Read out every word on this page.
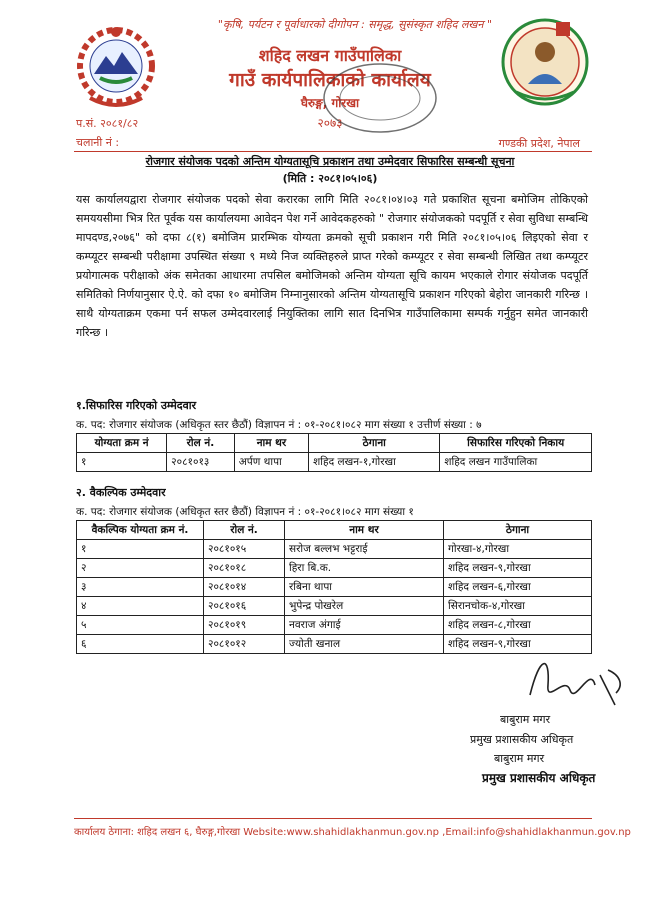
"कृषि, पर्यटन र पूर्वाधारको दीगोपन : समृद्ध, सुसंस्कृत शहिद लखन "
शहिद लखन गाउँपालिका
गाउँ कार्यपालिकाको कार्यालय
घैरुङ्ग, गोरखा
२०७३
प.सं. २०८१/८२
चलानी नं :	गण्डकी प्रदेश, नेपाल
रोजगार संयोजक पदको अन्तिम योग्यतासूचि प्रकाशन तथा उम्मेदवार सिफारिस सम्बन्धी सूचना
(मिति : २०८१।०५।०६)
यस कार्यालयद्वारा रोजगार संयोजक पदको सेवा करारका लागि मिति २०८१।०४।०३ गते प्रकाशित सूचना बमोजिम तोकिएको समययसीमा भित्र रित पूर्वक यस कार्यालयमा आवेदन पेश गर्ने आवेदकहरुको " रोजगार संयोजकको पदपूर्ति र सेवा सुविधा सम्बन्धि मापदण्ड,२०७६" को दफा ८(१) बमोजिम प्रारम्भिक योग्यता क्रमको सूची प्रकाशन गरी मिति २०८१।०५।०६ लिइएको सेवा र कम्प्यूटर सम्बन्धी परीक्षामा उपस्थित संख्या ९ मध्ये निज व्यक्तिहरुले प्राप्त गरेको कम्प्यूटर र सेवा सम्बन्धी लिखित तथा कम्प्यूटर प्रयोगात्मक परीक्षाको अंक समेतका आधारमा तपसिल बमोजिमको अन्तिम योग्यता सूचि कायम भएकाले रोगार संयोजक पदपूर्ति समितिको निर्णयानुसार ऐ.ऐ. को दफा १० बमोजिम निम्नानुसारको अन्तिम योग्यतासूचि प्रकाशन गरिएको बेहोरा जानकारी गरिन्छ । साथै योग्यताक्रम एकमा पर्न सफल उम्मेदवारलाई नियुक्तिका लागि सात दिनभित्र गाउँपालिकामा सम्पर्क गर्नुहुन समेत जानकारी गरिन्छ ।
१.सिफारिस गरिएको उम्मेदवार
क. पद: रोजगार संयोजक (अधिकृत स्तर छैठौं) विज्ञापन नं : ०१-२०८१।०८२ माग संख्या १ उत्तीर्ण संख्या : ७
योग्यता क्रम नं	रोल नं.	नाम थर	ठेगाना	सिफारिस गरिएको निकाय
१	२०८१०१३	अर्पण थापा	शहिद लखन-१,गोरखा	शहिद लखन गाउँपालिका
२. वैकल्पिक उम्मेदवार
क. पद: रोजगार संयोजक (अधिकृत स्तर छैठौं) विज्ञापन नं : ०१-२०८१।०८२ माग संख्या १
वैकल्पिक योग्यता क्रम नं.	रोल नं.	नाम थर	ठेगाना
१	२०८१०१५	सरोज बल्लभ भट्टराई	गोरखा-४,गोरखा
२	२०८१०१८	हिरा बि.क.	शहिद लखन-९,गोरखा
३	२०८१०१४	रबिना थापा	शहिद लखन-६,गोरखा
४	२०८१०१६	भुपेन्द्र पोखरेल	सिरानचोक-४,गोरखा
५	२०८१०१९	नवराज अंगाई	शहिद लखन-८,गोरखा
६	२०८१०१२	ज्योती खनाल	शहिद लखन-९,गोरखा
बाबुराम मगर
प्रमुख प्रशासकीय अधिकृत
बाबुराम मगर
प्रमुख प्रशासकीय अधिकृत
कार्यालय ठेगाना: शहिद लखन ६, घैरुङ्ग,गोरखा Website:www.shahidlakhanmun.gov.np ,Email:info@shahidlakhanmun.gov.np
